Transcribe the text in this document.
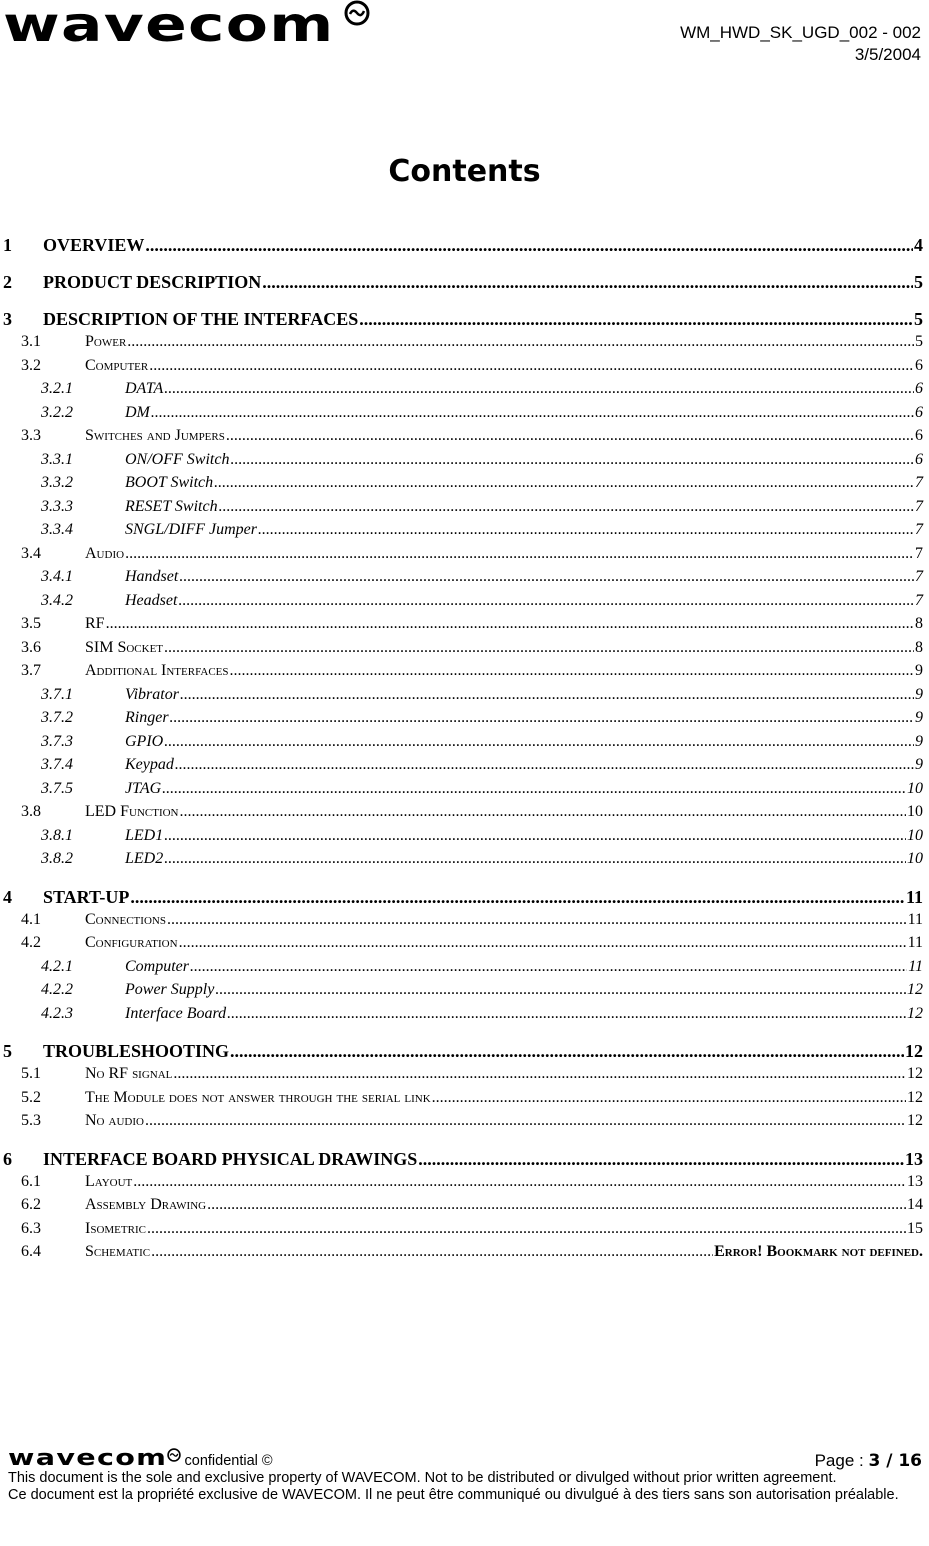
wavecom	WM_HWD_SK_UGD_002 - 002
3/5/2004
Contents
1	OVERVIEW .....	4
2	PRODUCT DESCRIPTION .....	5
3	DESCRIPTION OF THE INTERFACES .....	5
3.1	Power .....	5
3.2	Computer .....	6
3.2.1	DATA .....	6
3.2.2	DM .....	6
3.3	Switches and Jumpers .....	6
3.3.1	ON/OFF Switch .....	6
3.3.2	BOOT Switch .....	7
3.3.3	RESET Switch .....	7
3.3.4	SNGL/DIFF Jumper .....	7
3.4	Audio .....	7
3.4.1	Handset .....	7
3.4.2	Headset .....	7
3.5	RF .....	8
3.6	SIM Socket .....	8
3.7	Additional Interfaces .....	9
3.7.1	Vibrator .....	9
3.7.2	Ringer .....	9
3.7.3	GPIO .....	9
3.7.4	Keypad .....	9
3.7.5	JTAG .....	10
3.8	LED Function .....	10
3.8.1	LED1 .....	10
3.8.2	LED2 .....	10
4	START-UP .....	11
4.1	Connections .....	11
4.2	Configuration .....	11
4.2.1	Computer .....	11
4.2.2	Power Supply .....	12
4.2.3	Interface Board .....	12
5	TROUBLESHOOTING .....	12
5.1	No RF signal .....	12
5.2	The Module does not answer through the serial link .....	12
5.3	No audio .....	12
6	INTERFACE BOARD PHYSICAL DRAWINGS .....	13
6.1	Layout .....	13
6.2	Assembly Drawing .....	14
6.3	Isometric .....	15
6.4	Schematic .....	Error! Bookmark not defined.
wavecom confidential ©	Page : 3 / 16

This document is the sole and exclusive property of WAVECOM. Not to be distributed or divulged without prior written agreement.

Ce document est la propriété exclusive de WAVECOM. Il ne peut être communiqué ou divulgué à des tiers sans son autorisation préalable.
